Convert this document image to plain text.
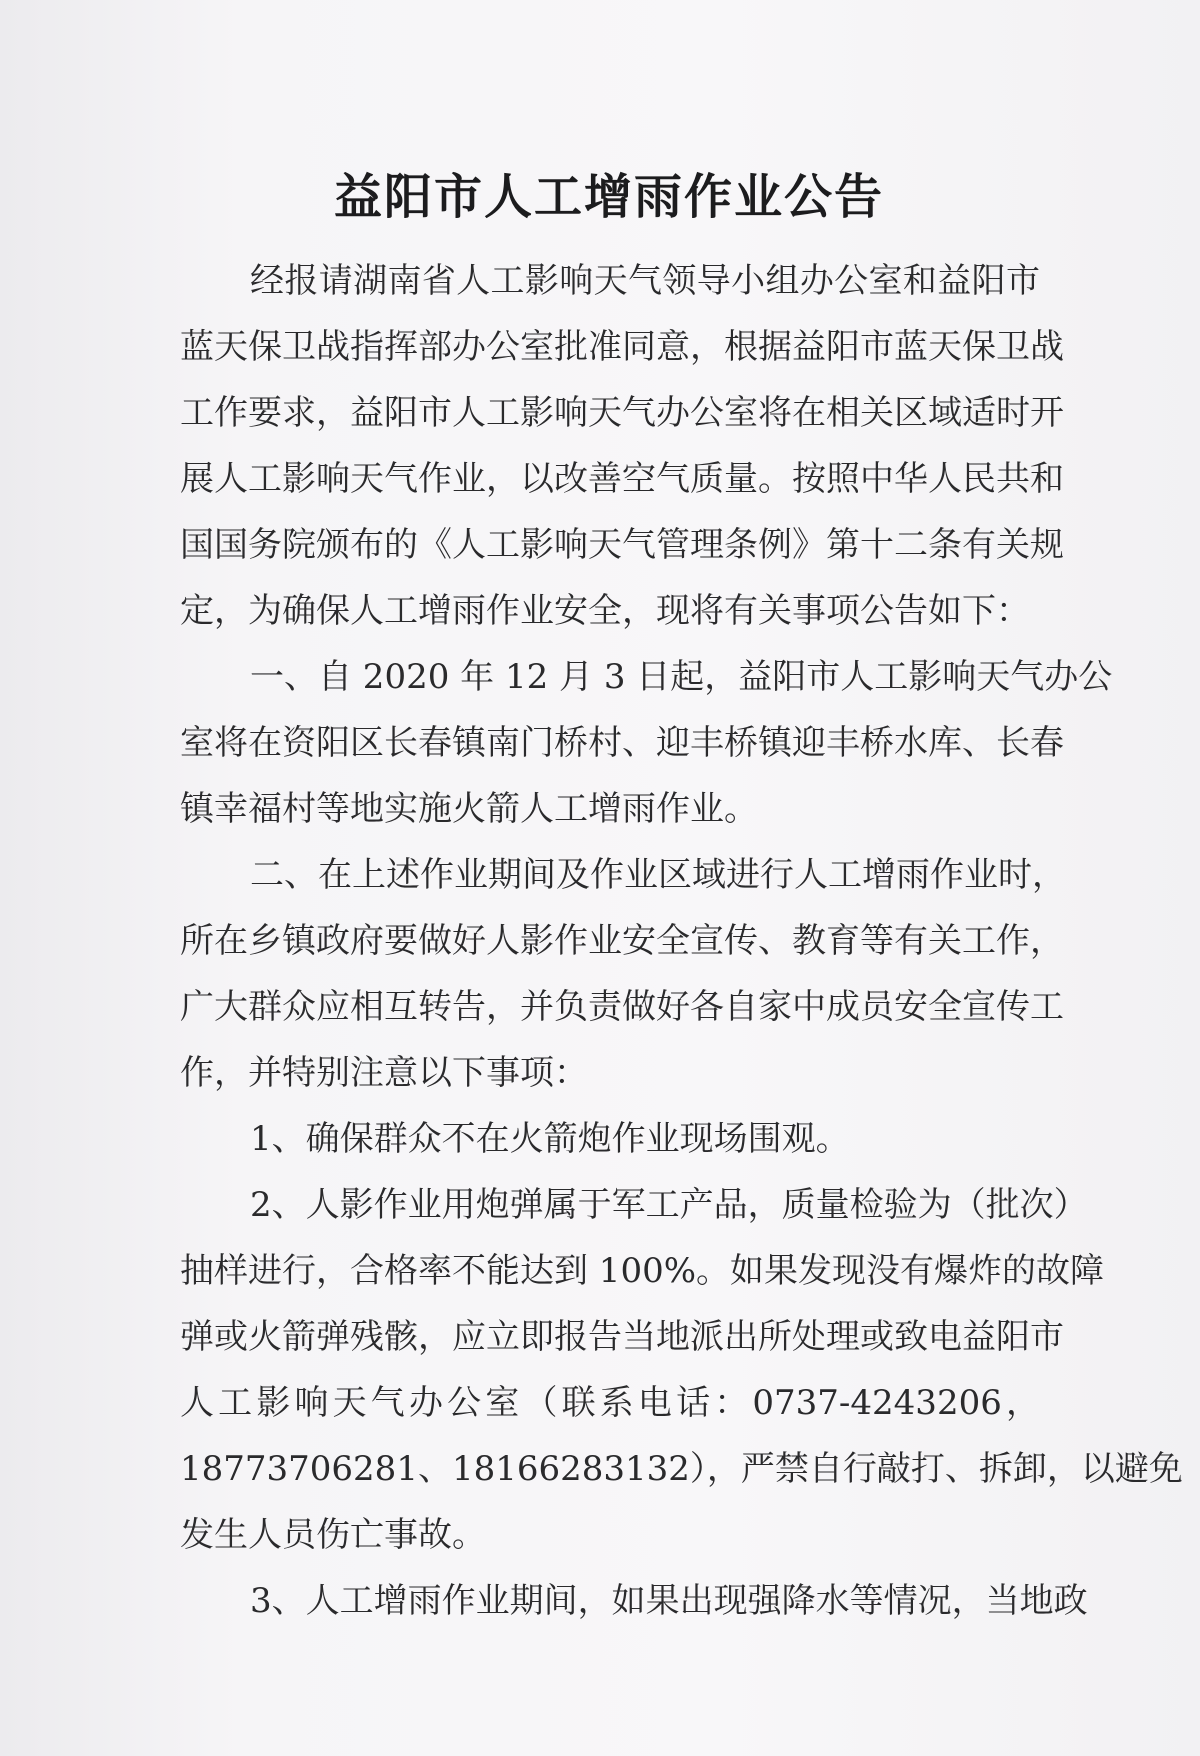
益阳市人工增雨作业公告
经报请湖南省人工影响天气领导小组办公室和益阳市
蓝天保卫战指挥部办公室批准同意，根据益阳市蓝天保卫战
工作要求，益阳市人工影响天气办公室将在相关区域适时开
展人工影响天气作业，以改善空气质量。按照中华人民共和
国国务院颁布的《人工影响天气管理条例》第十二条有关规
定，为确保人工增雨作业安全，现将有关事项公告如下：
一、自 2020 年 12 月 3 日起，益阳市人工影响天气办公
室将在资阳区长春镇南门桥村、迎丰桥镇迎丰桥水库、长春
镇幸福村等地实施火箭人工增雨作业。
二、在上述作业期间及作业区域进行人工增雨作业时，
所在乡镇政府要做好人影作业安全宣传、教育等有关工作，
广大群众应相互转告，并负责做好各自家中成员安全宣传工
作，并特别注意以下事项：
1、确保群众不在火箭炮作业现场围观。
2、人影作业用炮弹属于军工产品，质量检验为（批次）
抽样进行，合格率不能达到 100%。如果发现没有爆炸的故障
弹或火箭弹残骸，应立即报告当地派出所处理或致电益阳市
人工影响天气办公室（联系电话：0737-4243206，
18773706281、18166283132），严禁自行敲打、拆卸，以避免
发生人员伤亡事故。
3、人工增雨作业期间，如果出现强降水等情况，当地政
